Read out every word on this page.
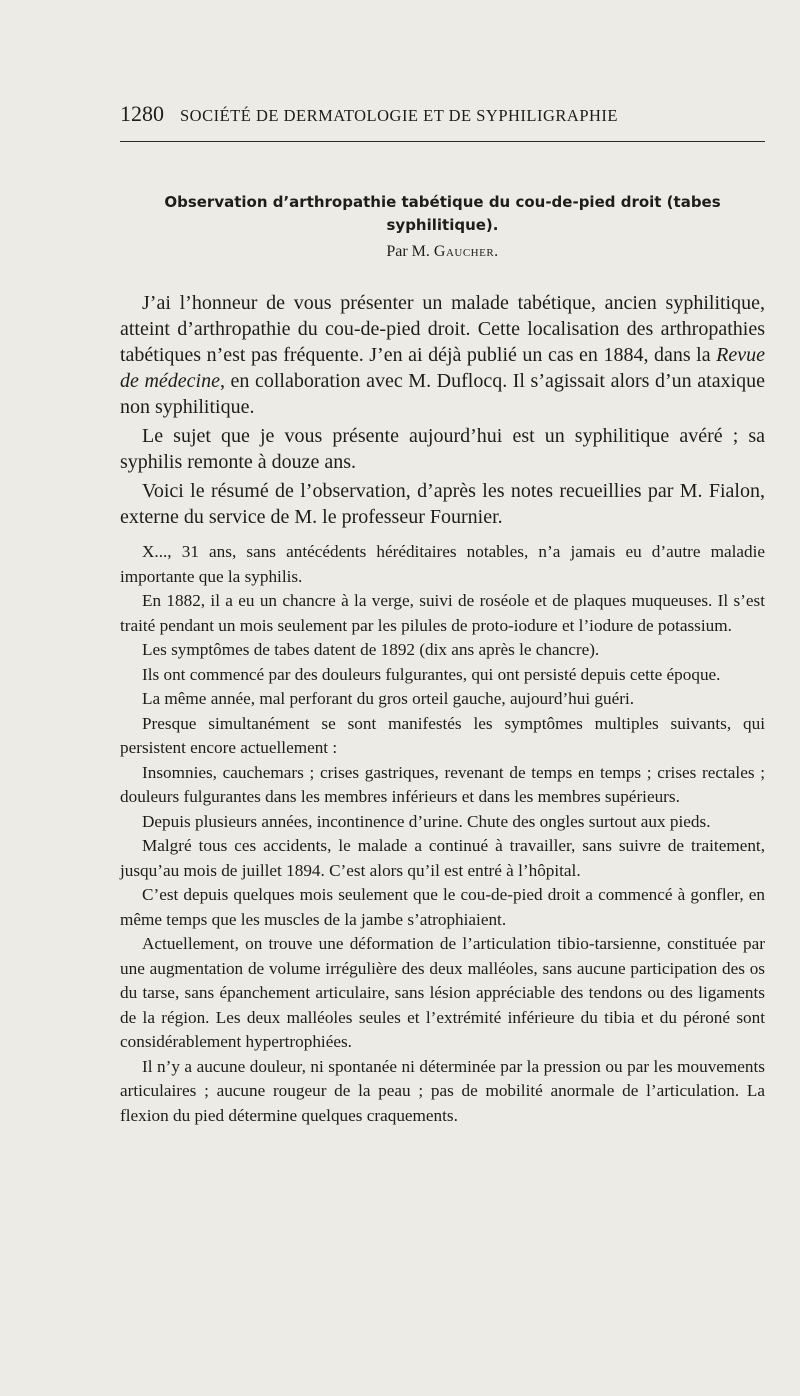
1280 SOCIÉTÉ DE DERMATOLOGIE ET DE SYPHILIGRAPHIE
Observation d’arthropathie tabétique du cou-de-pied droit (tabes syphilitique).
Par M. Gaucher.

J’ai l’honneur de vous présenter un malade tabétique, ancien syphilitique, atteint d’arthropathie du cou-de-pied droit. Cette localisation des arthropathies tabétiques n’est pas fréquente. J’en ai déjà publié un cas en 1884, dans la Revue de médecine, en collaboration avec M. Duflocq. Il s’agissait alors d’un ataxique non syphilitique.

Le sujet que je vous présente aujourd’hui est un syphilitique avéré ; sa syphilis remonte à douze ans.

Voici le résumé de l’observation, d’après les notes recueillies par M. Fialon, externe du service de M. le professeur Fournier.

X..., 31 ans, sans antécédents héréditaires notables, n’a jamais eu d’autre maladie importante que la syphilis.

En 1882, il a eu un chancre à la verge, suivi de roséole et de plaques muqueuses. Il s’est traité pendant un mois seulement par les pilules de proto-iodure et l’iodure de potassium.

Les symptômes de tabes datent de 1892 (dix ans après le chancre).

Ils ont commencé par des douleurs fulgurantes, qui ont persisté depuis cette époque.

La même année, mal perforant du gros orteil gauche, aujourd’hui guéri.

Presque simultanément se sont manifestés les symptômes multiples suivants, qui persistent encore actuellement :

Insomnies, cauchemars ; crises gastriques, revenant de temps en temps ; crises rectales ; douleurs fulgurantes dans les membres inférieurs et dans les membres supérieurs.

Depuis plusieurs années, incontinence d’urine. Chute des ongles surtout aux pieds.

Malgré tous ces accidents, le malade a continué à travailler, sans suivre de traitement, jusqu’au mois de juillet 1894. C’est alors qu’il est entré à l’hôpital.

C’est depuis quelques mois seulement que le cou-de-pied droit a commencé à gonfler, en même temps que les muscles de la jambe s’atrophiaient.

Actuellement, on trouve une déformation de l’articulation tibio-tarsienne, constituée par une augmentation de volume irrégulière des deux malléoles, sans aucune participation des os du tarse, sans épanchement articulaire, sans lésion appréciable des tendons ou des ligaments de la région. Les deux malléoles seules et l’extrémité inférieure du tibia et du péroné sont considérablement hypertrophiées.

Il n’y a aucune douleur, ni spontanée ni déterminée par la pression ou par les mouvements articulaires ; aucune rougeur de la peau ; pas de mobilité anormale de l’articulation. La flexion du pied détermine quelques craquements.
